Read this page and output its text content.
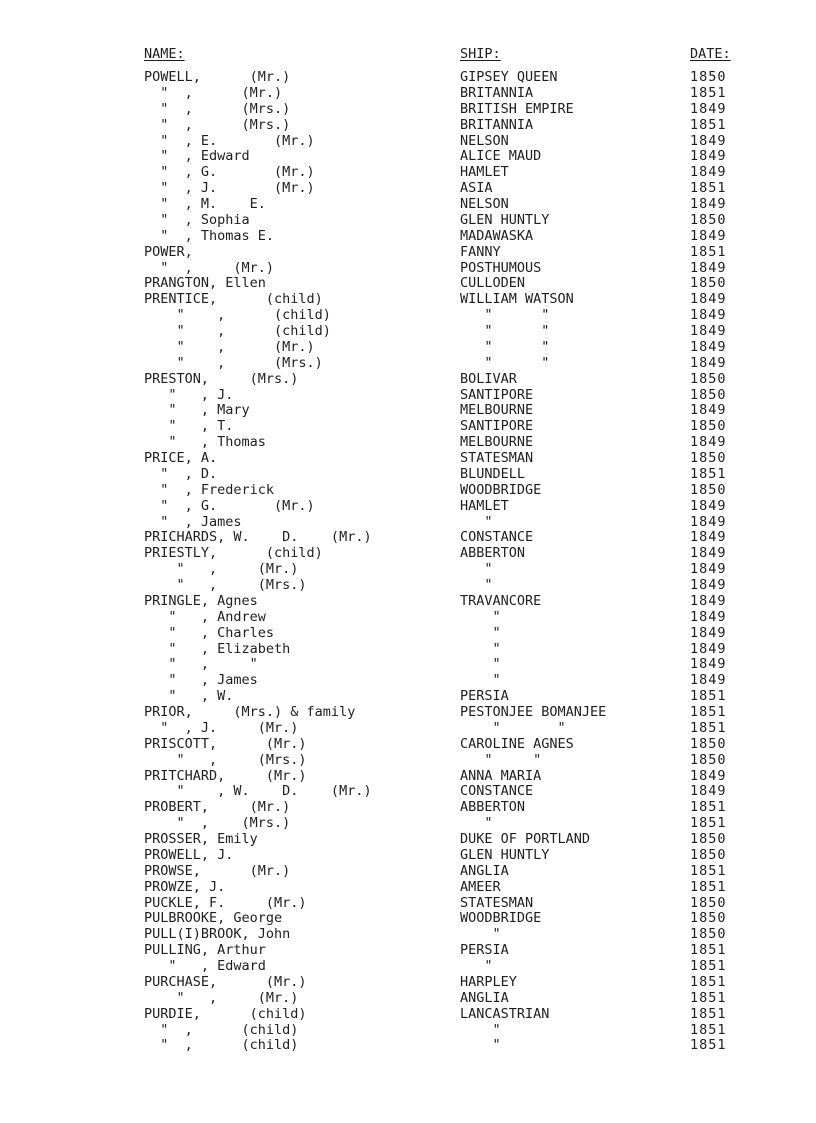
NAME:	SHIP:	DATE:
POWELL,      (Mr.)	GIPSEY QUEEN	1850
"  ,      (Mr.)	BRITANNIA	1851
"  ,      (Mrs.)	BRITISH EMPIRE	1849
"  ,      (Mrs.)	BRITANNIA	1851
"  , E.       (Mr.)	NELSON	1849
"  , Edward	ALICE MAUD	1849
"  , G.       (Mr.)	HAMLET	1849
"  , J.       (Mr.)	ASIA	1851
"  , M.    E.	NELSON	1849
"  , Sophia	GLEN HUNTLY	1850
"  , Thomas E.	MADAWASKA	1849
POWER,	FANNY	1851
"  ,     (Mr.)	POSTHUMOUS	1849
PRANGTON, Ellen	CULLODEN	1850
PRENTICE,      (child)	WILLIAM WATSON	1849
"    ,      (child)	"      "	1849
"    ,      (child)	"      "	1849
"    ,      (Mr.)	"      "	1849
"    ,      (Mrs.)	"      "	1849
PRESTON,     (Mrs.)	BOLIVAR	1850
"   , J.	SANTIPORE	1850
"   , Mary	MELBOURNE	1849
"   , T.	SANTIPORE	1850
"   , Thomas	MELBOURNE	1849
PRICE, A.	STATESMAN	1850
"  , D.	BLUNDELL	1851
"  , Frederick	WOODBRIDGE	1850
"  , G.       (Mr.)	HAMLET	1849
"  , James	"	1849
PRICHARDS, W.    D.    (Mr.)	CONSTANCE	1849
PRIESTLY,      (child)	ABBERTON	1849
"   ,     (Mr.)	"	1849
"   ,     (Mrs.)	"	1849
PRINGLE, Agnes	TRAVANCORE	1849
"   , Andrew	"	1849
"   , Charles	"	1849
"   , Elizabeth	"	1849
"   ,     "	"	1849
"   , James	"	1849
"   , W.	PERSIA	1851
PRIOR,     (Mrs.) & family	PESTONJEE BOMANJEE	1851
"  , J.     (Mr.)	"       "	1851
PRISCOTT,      (Mr.)	CAROLINE AGNES	1850
"   ,     (Mrs.)	"     "	1850
PRITCHARD,     (Mr.)	ANNA MARIA	1849
"    , W.    D.    (Mr.)	CONSTANCE	1849
PROBERT,     (Mr.)	ABBERTON	1851
"  ,    (Mrs.)	"	1851
PROSSER, Emily	DUKE OF PORTLAND	1850
PROWELL, J.	GLEN HUNTLY	1850
PROWSE,      (Mr.)	ANGLIA	1851
PROWZE, J.	AMEER	1851
PUCKLE, F.     (Mr.)	STATESMAN	1850
PULBROOKE, George	WOODBRIDGE	1850
PULL(I)BROOK, John	"	1850
PULLING, Arthur	PERSIA	1851
"   , Edward	"	1851
PURCHASE,      (Mr.)	HARPLEY	1851
"   ,     (Mr.)	ANGLIA	1851
PURDIE,      (child)	LANCASTRIAN	1851
"  ,      (child)	"	1851
"  ,      (child)	"	1851
